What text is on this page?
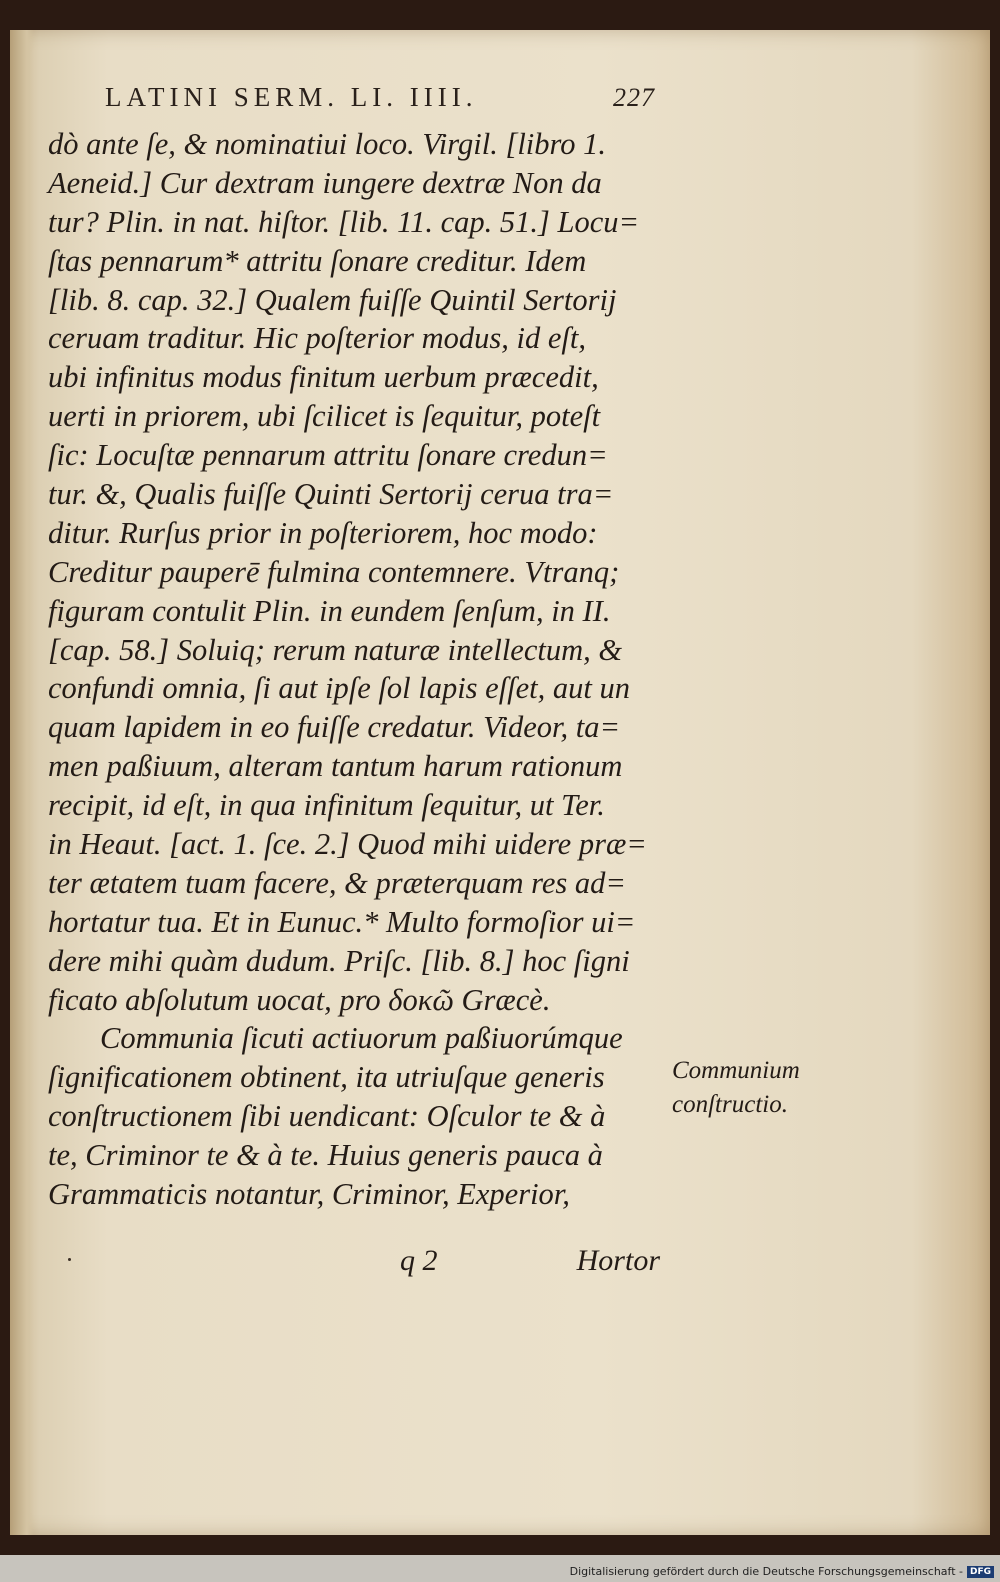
LATINI SERM. LI. IIII.	227
dò ante ſe, & nominatiui loco. Virgil. [libro 1.
Aeneid.] Cur dextram iungere dextræ Non da
tur? Plin. in nat. hiſtor. [lib. 11. cap. 51.] Locu=
ſtas pennarum* attritu ſonare creditur. Idem
[lib. 8. cap. 32.] Qualem fuiſſe Quintil Sertorij
ceruam traditur. Hic poſterior modus, id eſt,
ubi infinitus modus finitum uerbum præcedit,
uerti in priorem, ubi ſcilicet is ſequitur, poteſt
ſic: Locuſtæ pennarum attritu ſonare credun=
tur. &, Qualis fuiſſe Quinti Sertorij cerua tra=
ditur. Rurſus prior in poſteriorem, hoc modo:
Creditur pauperē fulmina contemnere. Vtranq;
figuram contulit Plin. in eundem ſenſum, in II.
[cap. 58.] Soluiq; rerum naturæ intellectum, &
confundi omnia, ſi aut ipſe ſol lapis eſſet, aut un
quam lapidem in eo fuiſſe credatur. Videor, ta=
men paßiuum, alteram tantum harum rationum
recipit, id eſt, in qua infinitum ſequitur, ut Ter.
in Heaut. [act. 1. ſce. 2.] Quod mihi uidere præ=
ter ætatem tuam facere, & præterquam res ad=
hortatur tua. Et in Eunuc.* Multo formoſior ui=
dere mihi quàm dudum. Priſc. [lib. 8.] hoc ſigni
ficato abſolutum uocat, pro δοκῶ Græcè.
Communia ſicuti actiuorum paßiuorúmque
ſignificationem obtinent, ita utriuſque generis
conſtructionem ſibi uendicant: Oſculor te & à
te, Criminor te & à te. Huius generis pauca à
Grammaticis notantur, Criminor, Experior,
Communium
conſtructio.
q 2	Hortor
Digitalisierung gefördert durch die Deutsche Forschungsgemeinschaft - DFG
